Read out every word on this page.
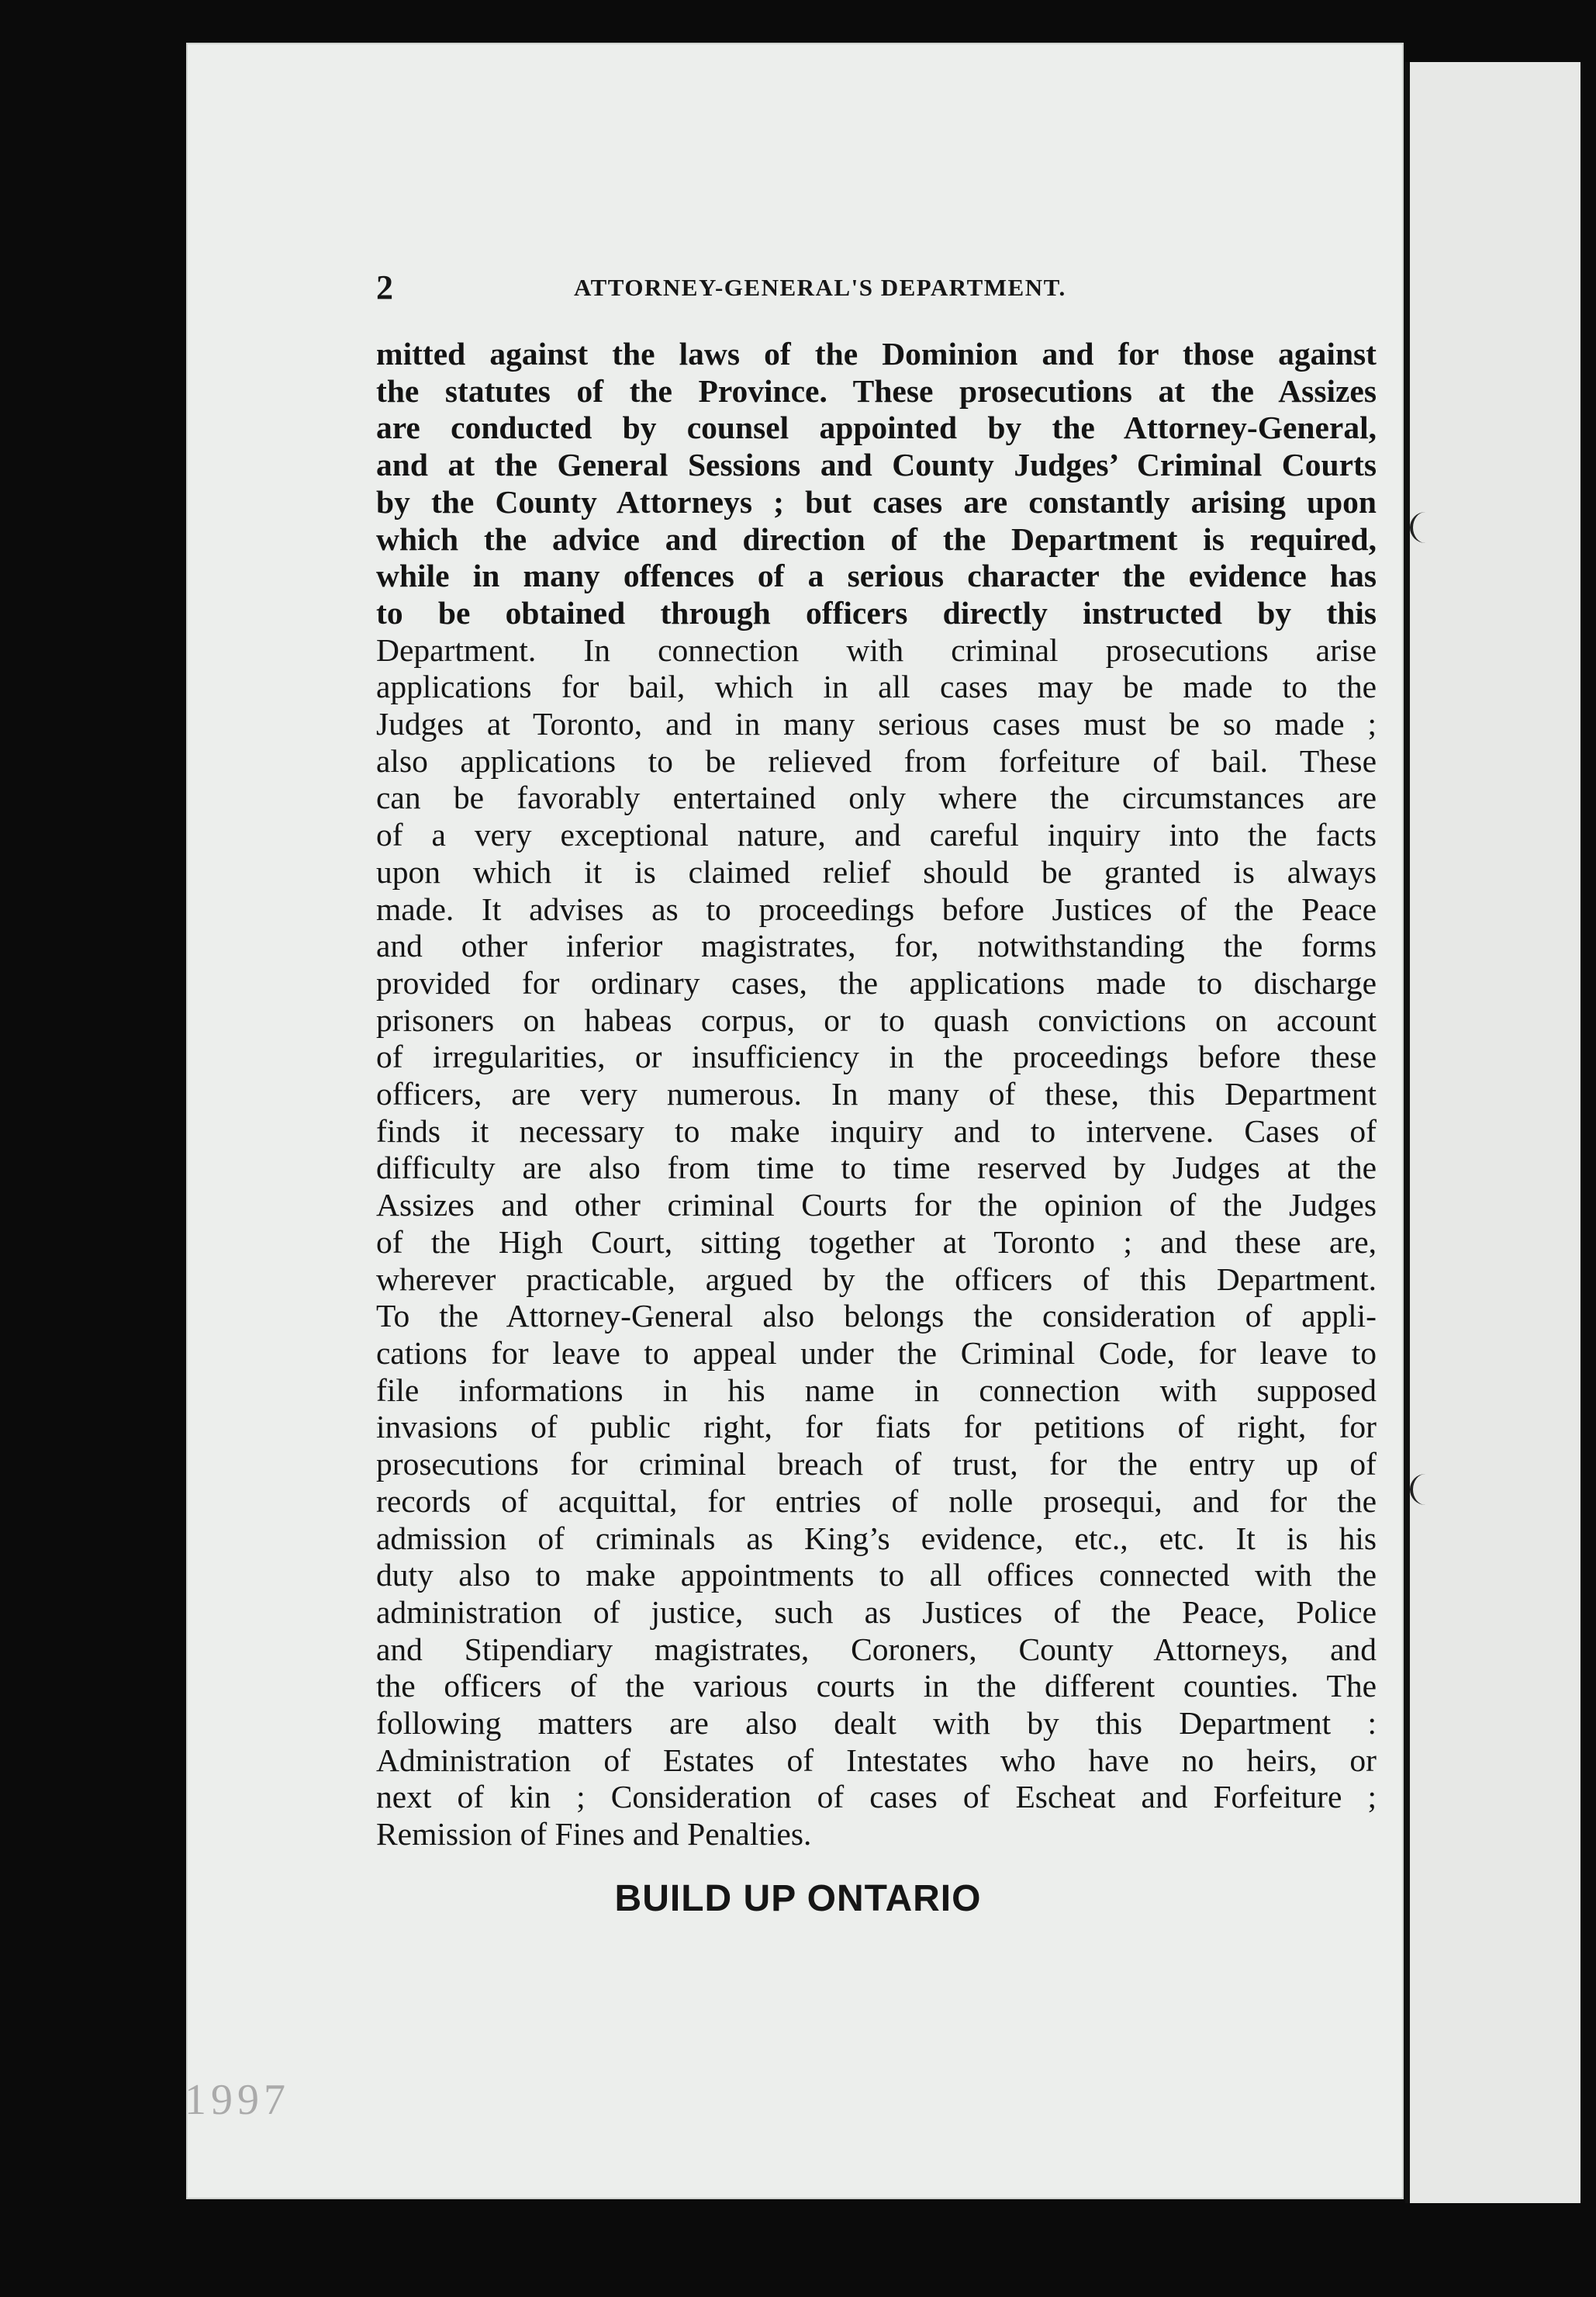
2	ATTORNEY-GENERAL'S DEPARTMENT.
mitted against the laws of the Dominion and for those against
the statutes of the Province. These prosecutions at the Assizes
are conducted by counsel appointed by the Attorney-General,
and at the General Sessions and County Judges’ Criminal Courts
by the County Attorneys ; but cases are constantly arising upon
which the advice and direction of the Department is required,
while in many offences of a serious character the evidence has
to be obtained through officers directly instructed by this
Department. In connection with criminal prosecutions arise
applications for bail, which in all cases may be made to the
Judges at Toronto, and in many serious cases must be so made ;
also applications to be relieved from forfeiture of bail. These
can be favorably entertained only where the circumstances are
of a very exceptional nature, and careful inquiry into the facts
upon which it is claimed relief should be granted is always
made. It advises as to proceedings before Justices of the Peace
and other inferior magistrates, for, notwithstanding the forms
provided for ordinary cases, the applications made to discharge
prisoners on habeas corpus, or to quash convictions on account
of irregularities, or insufficiency in the proceedings before these
officers, are very numerous. In many of these, this Department
finds it necessary to make inquiry and to intervene. Cases of
difficulty are also from time to time reserved by Judges at the
Assizes and other criminal Courts for the opinion of the Judges
of the High Court, sitting together at Toronto ; and these are,
wherever practicable, argued by the officers of this Department.
To the Attorney-General also belongs the consideration of appli-
cations for leave to appeal under the Criminal Code, for leave to
file informations in his name in connection with supposed
invasions of public right, for fiats for petitions of right, for
prosecutions for criminal breach of trust, for the entry up of
records of acquittal, for entries of nolle prosequi, and for the
admission of criminals as King’s evidence, etc., etc. It is his
duty also to make appointments to all offices connected with the
administration of justice, such as Justices of the Peace, Police
and Stipendiary magistrates, Coroners, County Attorneys, and
the officers of the various courts in the different counties. The
following matters are also dealt with by this Department :
Administration of Estates of Intestates who have no heirs, or
next of kin ; Consideration of cases of Escheat and Forfeiture ;
Remission of Fines and Penalties.
BUILD UP ONTARIO
1997
